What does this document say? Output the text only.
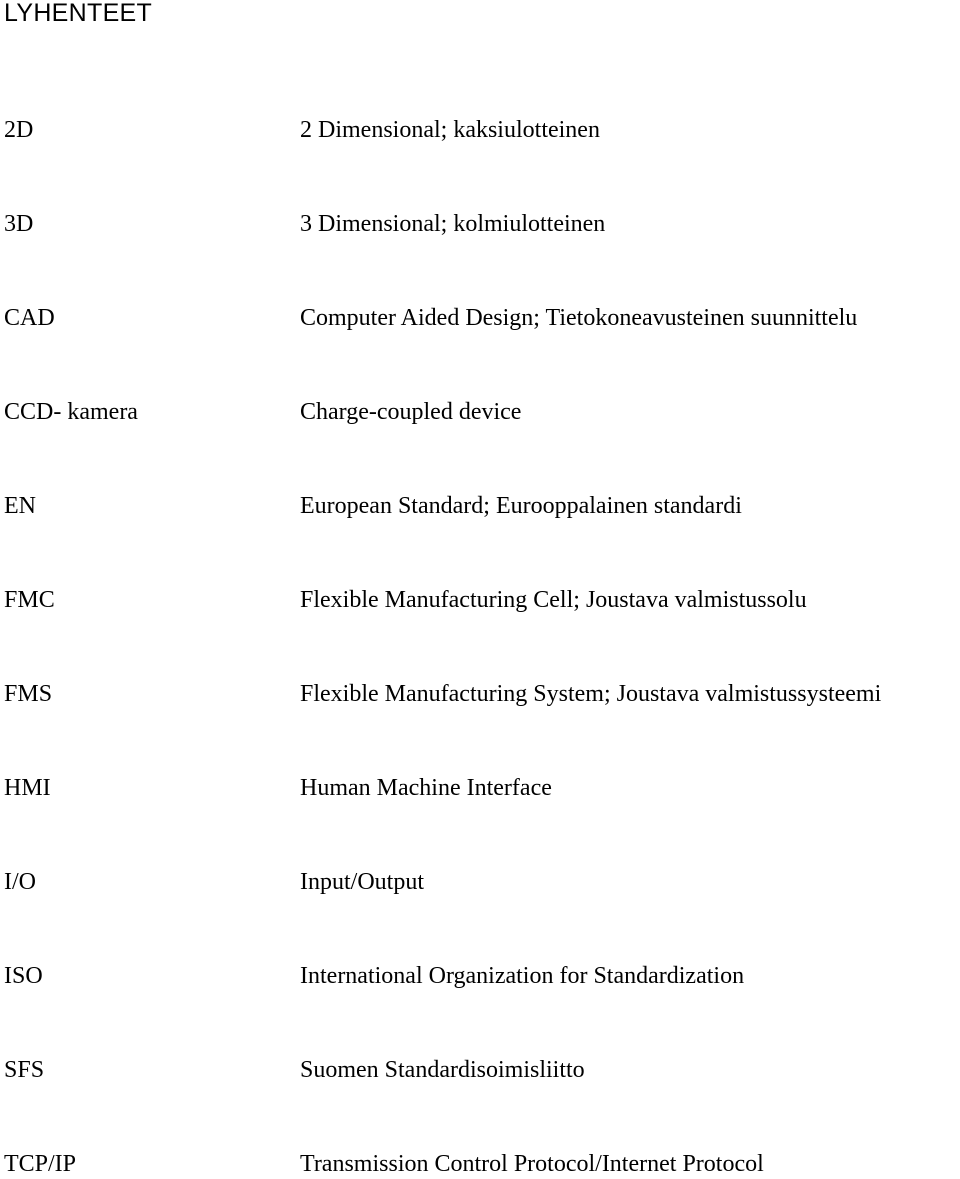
LYHENTEET
2D	2 Dimensional; kaksiulotteinen
3D	3 Dimensional; kolmiulotteinen
CAD	Computer Aided Design; Tietokoneavusteinen suunnittelu
CCD- kamera	Charge-coupled device
EN	European Standard; Eurooppalainen standardi
FMC	Flexible Manufacturing Cell; Joustava valmistussolu
FMS	Flexible Manufacturing System; Joustava valmistussysteemi
HMI	Human Machine Interface
I/O	Input/Output
ISO	International Organization for Standardization
SFS	Suomen Standardisoimisliitto
TCP/IP	Transmission Control Protocol/Internet Protocol
